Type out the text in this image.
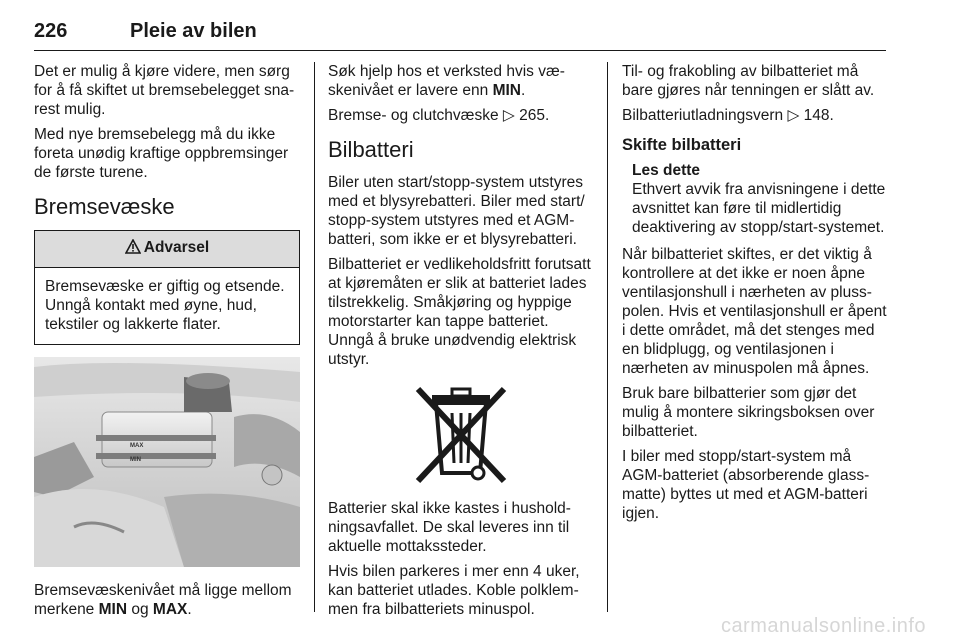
226	Pleie av bilen

Det er mulig å kjøre videre, men sørg for å få skiftet ut bremsebelegget snarest mulig.

Med nye bremsebelegg må du ikke foreta unødig kraftige oppbremsinger de første turene.

Bremsevæske
Advarsel
Bremsevæske er giftig og etsende. Unngå kontakt med øyne, hud, tekstiler og lakkerte flater.
MAX
MIN

Bremsevæskenivået må ligge mellom merkene MIN og MAX.

Søk hjelp hos et verksted hvis væskenivået er lavere enn MIN.

Bremse- og clutchvæske ▷ 265.

Bilbatteri

Biler uten start/stopp-system utstyres med et blysyrebatteri. Biler med start/ stopp-system utstyres med et AGM-batteri, som ikke er et blysyrebatteri.

Bilbatteriet er vedlikeholdsfritt forutsatt at kjøremåten er slik at batteriet lades tilstrekkelig. Småkjøring og hyppige motorstarter kan tappe batteriet. Unngå å bruke unødvendig elektrisk utstyr.

Batterier skal ikke kastes i husholdningsavfallet. De skal leveres inn til aktuelle mottakssteder.

Hvis bilen parkeres i mer enn 4 uker, kan batteriet utlades. Koble polklemmen fra bilbatteriets minuspol.

Til- og frakobling av bilbatteriet må bare gjøres når tenningen er slått av.

Bilbatteriutladningsvern ▷ 148.

Skifte bilbatteri
Les dette
Ethvert avvik fra anvisningene i dette avsnittet kan føre til midlertidig deaktivering av stopp/start-systemet.

Når bilbatteriet skiftes, er det viktig å kontrollere at det ikke er noen åpne ventilasjonshull i nærheten av plusspolen. Hvis et ventilasjonshull er åpent i dette området, må det stenges med en blidplugg, og ventilasjonen i nærheten av minuspolen må åpnes.

Bruk bare bilbatterier som gjør det mulig å montere sikringsboksen over bilbatteriet.

I biler med stopp/start-system må AGM-batteriet (absorberende glassmatte) byttes ut med et AGM-batteri igjen.

carmanualsonline.info
